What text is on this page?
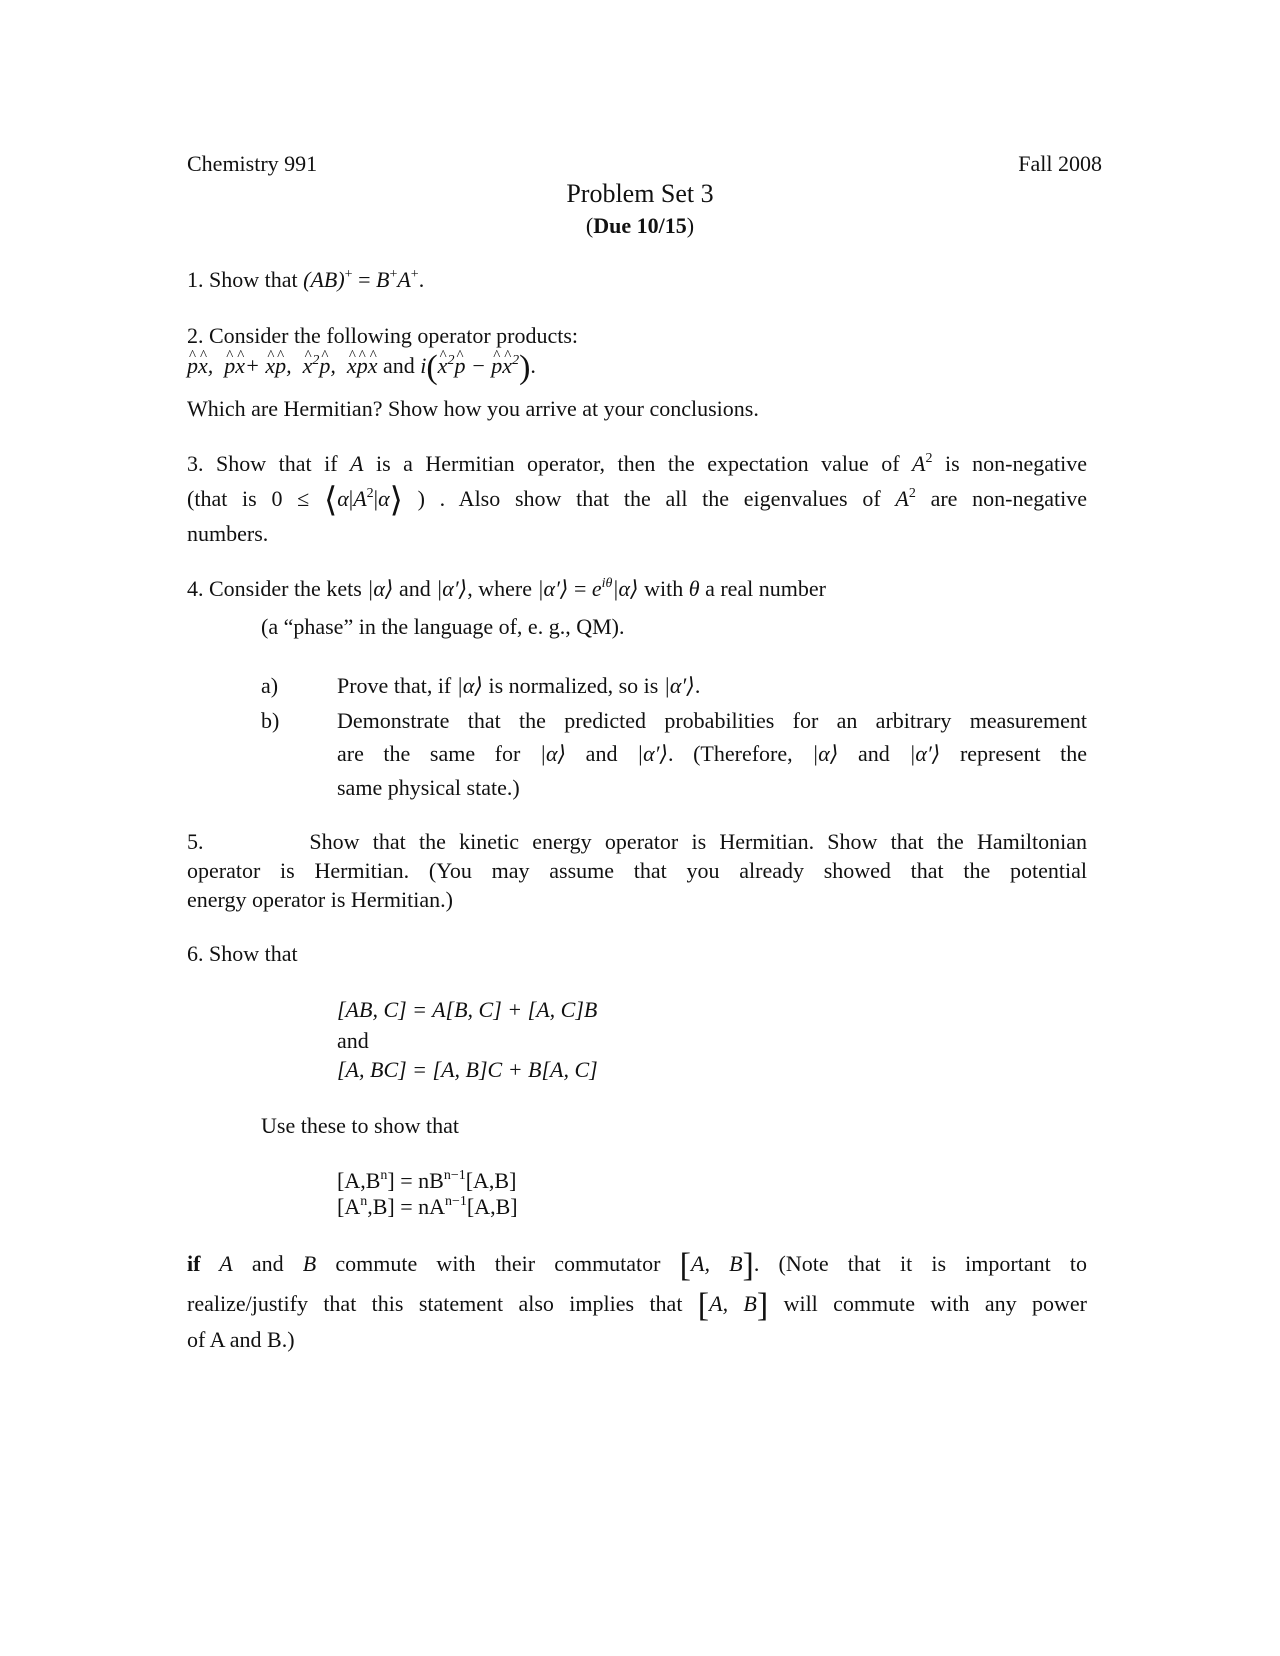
Chemistry 991	Fall 2008
Problem Set 3
(Due 10/15)
1. Show that (AB)+ = B+A+.
2. Consider the following operator products:
p ^x ^,  p ^x ^+ x ^p ^,  x ^$^2$p ^,  x ^p ^x ^ and i(x ^$^2$p ^ − p ^x ^$^2$).
Which are Hermitian? Show how you arrive at your conclusions.
3. Show that if A is a Hermitian operator, then the expectation value of $A^2$ is non-negative
(that is $0 \le ⟨\alpha|A^2|\alpha⟩$ ) . Also show that the all the eigenvalues of $A^2$ are non-negative
numbers.
4. Consider the kets |α⟩ and |α′⟩, where |α′⟩ = $e^{i\theta}|\alpha⟩$ with θ a real number
(a “phase” in the language of, e. g., QM).
a)	Prove that, if |α⟩ is normalized, so is |α′⟩.
b)	Demonstrate that the predicted probabilities for an arbitrary measurement
are the same for |α⟩ and |α′⟩. (Therefore, |α⟩ and |α′⟩ represent the
same physical state.)
5.        Show that the kinetic energy operator is Hermitian. Show that the Hamiltonian
operator is Hermitian. (You may assume that you already showed that the potential
energy operator is Hermitian.)
6. Show that
[AB, C] = A[B, C] + [A, C]B
and
[A, BC] = [A, B]C + B[A, C]
Use these to show that
$[A,B^n] = nB^{n-1}[A,B]$
$[A^n,B] = nA^{n-1}[A,B]$
if A and B commute with their commutator [A, B]. (Note that it is important to
realize/justify that this statement also implies that [A, B] will commute with any power
of A and B.)
